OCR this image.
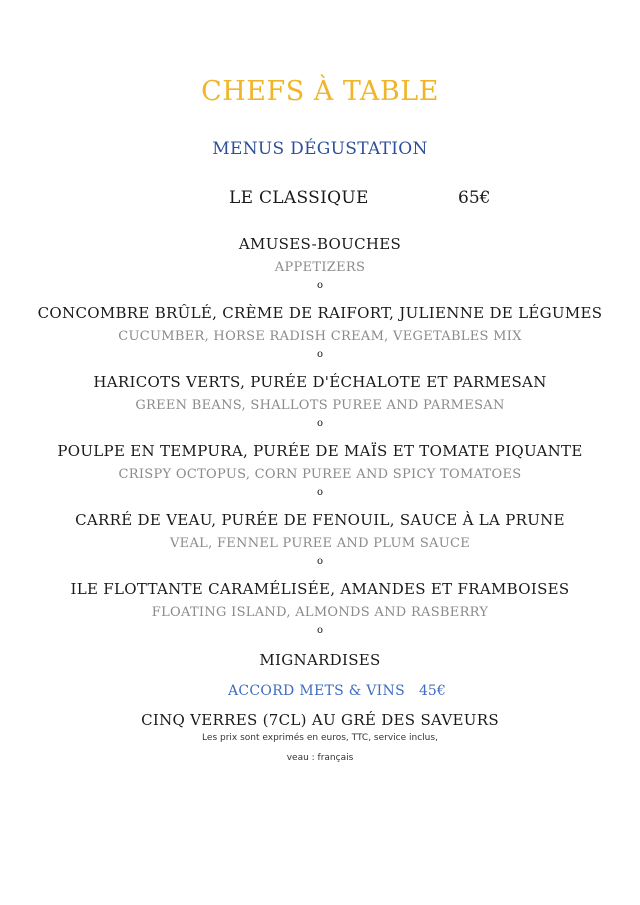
CHEFS À TABLE
MENUS DÉGUSTATION
LE CLASSIQUE	65€
AMUSES-BOUCHES
APPETIZERS
o
CONCOMBRE BRÛLÉ, CRÈME DE RAIFORT, JULIENNE DE LÉGUMES
CUCUMBER, HORSE RADISH CREAM, VEGETABLES MIX
o
HARICOTS VERTS, PURÉE D'ÉCHALOTE ET PARMESAN
GREEN BEANS, SHALLOTS PUREE AND PARMESAN
o
POULPE EN TEMPURA, PURÉE DE MAÏS ET TOMATE PIQUANTE
CRISPY OCTOPUS, CORN PUREE AND SPICY TOMATOES
o
CARRÉ DE VEAU, PURÉE DE FENOUIL, SAUCE À LA PRUNE
VEAL, FENNEL PUREE AND PLUM SAUCE
o
ILE FLOTTANTE CARAMÉLISÉE, AMANDES ET FRAMBOISES
FLOATING ISLAND, ALMONDS AND RASBERRY
o
MIGNARDISES
ACCORD METS & VINS 45€
CINQ VERRES (7CL) AU GRÉ DES SAVEURS
Les prix sont exprimés en euros, TTC, service inclus,
veau : français
